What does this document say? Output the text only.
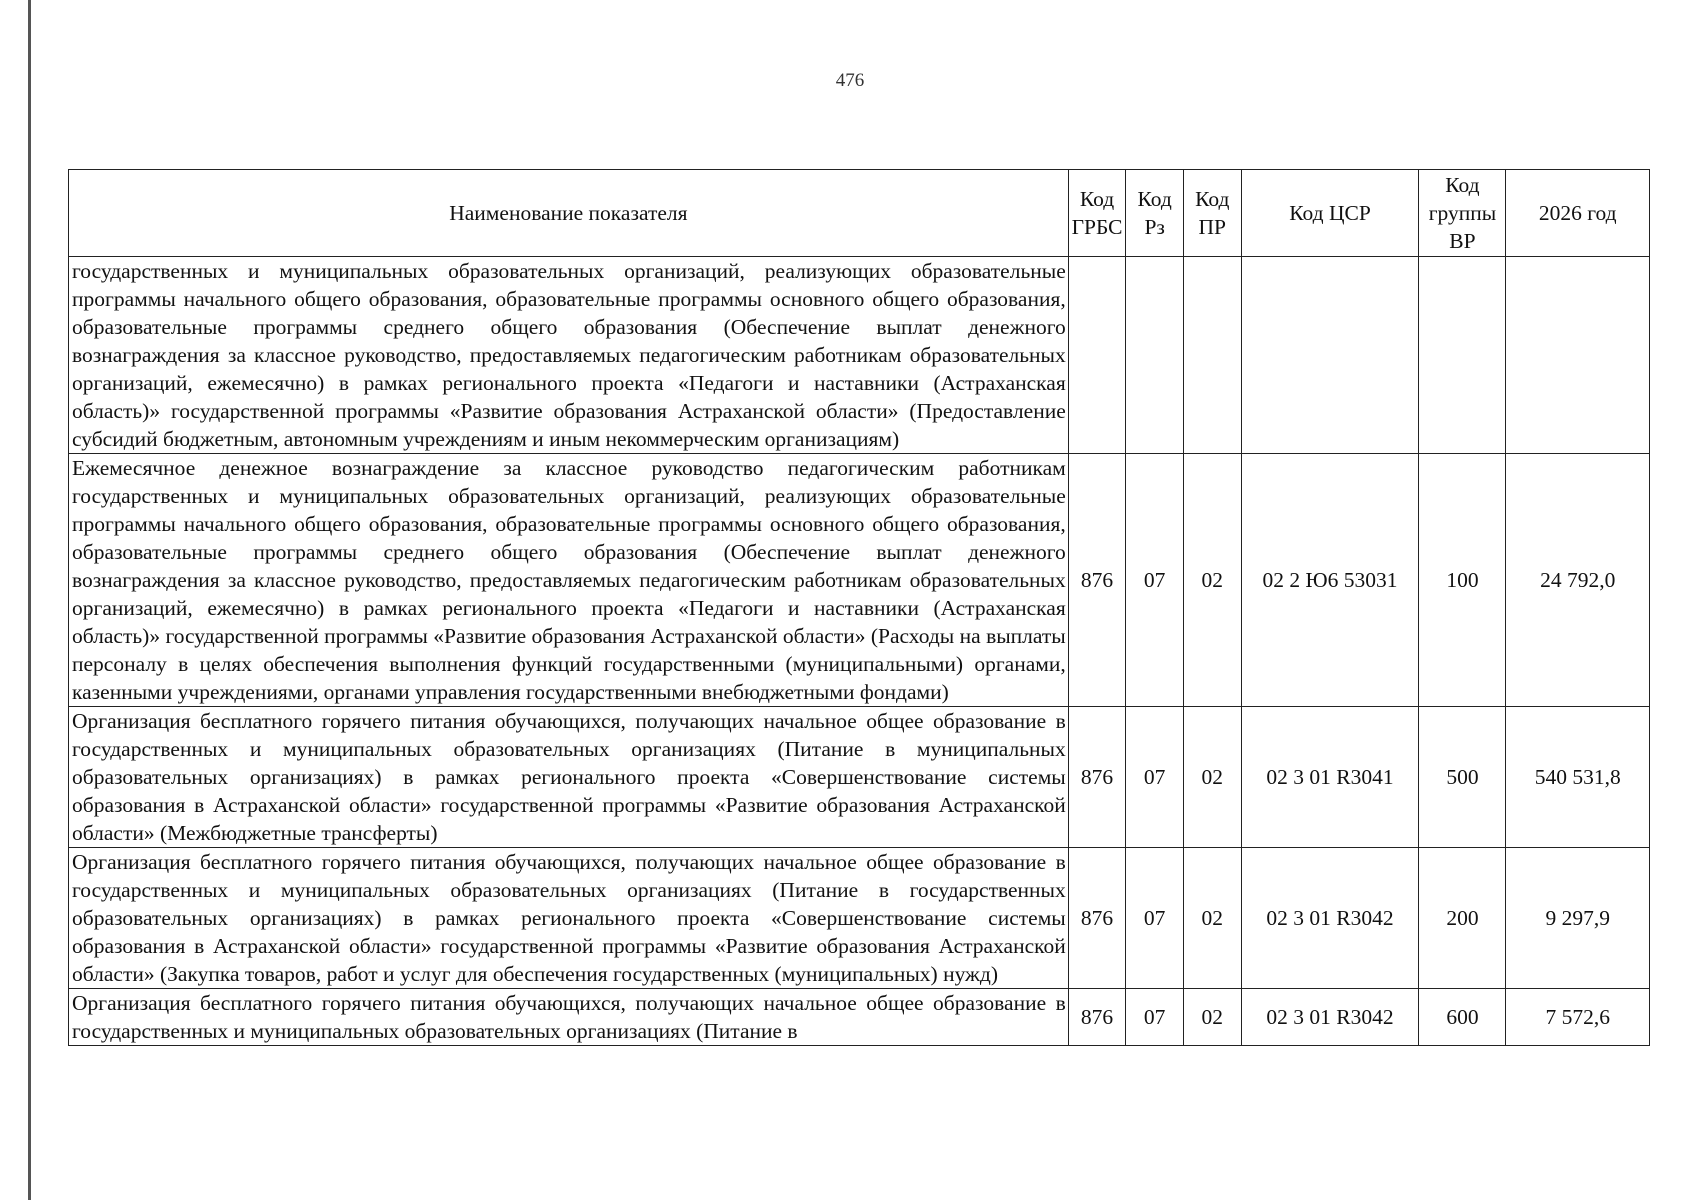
476
Наименование показателя	Код ГРБС	Код Рз	Код ПР	Код ЦСР	Код группы ВР	2026 год
государственных и муниципальных образовательных организаций, реализующих образовательные программы начального общего образования, образовательные программы основного общего образования, образовательные программы среднего общего образования (Обеспечение выплат денежного вознаграждения за классное руководство, предоставляемых педагогическим работникам образовательных организаций, ежемесячно) в рамках регионального проекта «Педагоги и наставники (Астраханская область)» государственной программы «Развитие образования Астраханской области» (Предоставление субсидий бюджетным, автономным учреждениям и иным некоммерческим организациям)						
Ежемесячное денежное вознаграждение за классное руководство педагогическим работникам государственных и муниципальных образовательных организаций, реализующих образовательные программы начального общего образования, образовательные программы основного общего образования, образовательные программы среднего общего образования (Обеспечение выплат денежного вознаграждения за классное руководство, предоставляемых педагогическим работникам образовательных организаций, ежемесячно) в рамках регионального проекта «Педагоги и наставники (Астраханская область)» государственной программы «Развитие образования Астраханской области» (Расходы на выплаты персоналу в целях обеспечения выполнения функций государственными (муниципальными) органами, казенными учреждениями, органами управления государственными внебюджетными фондами)	876	07	02	02 2 Ю6 53031	100	24 792,0
Организация бесплатного горячего питания обучающихся, получающих начальное общее образование в государственных и муниципальных образовательных организациях (Питание в муниципальных образовательных организациях) в рамках регионального проекта «Совершенствование системы образования в Астраханской области» государственной программы «Развитие образования Астраханской области» (Межбюджетные трансферты)	876	07	02	02 3 01 R3041	500	540 531,8
Организация бесплатного горячего питания обучающихся, получающих начальное общее образование в государственных и муниципальных образовательных организациях (Питание в государственных образовательных организациях) в рамках регионального проекта «Совершенствование системы образования в Астраханской области» государственной программы «Развитие образования Астраханской области» (Закупка товаров, работ и услуг для обеспечения государственных (муниципальных) нужд)	876	07	02	02 3 01 R3042	200	9 297,9
Организация бесплатного горячего питания обучающихся, получающих начальное общее образование в государственных и муниципальных образовательных организациях (Питание в	876	07	02	02 3 01 R3042	600	7 572,6
